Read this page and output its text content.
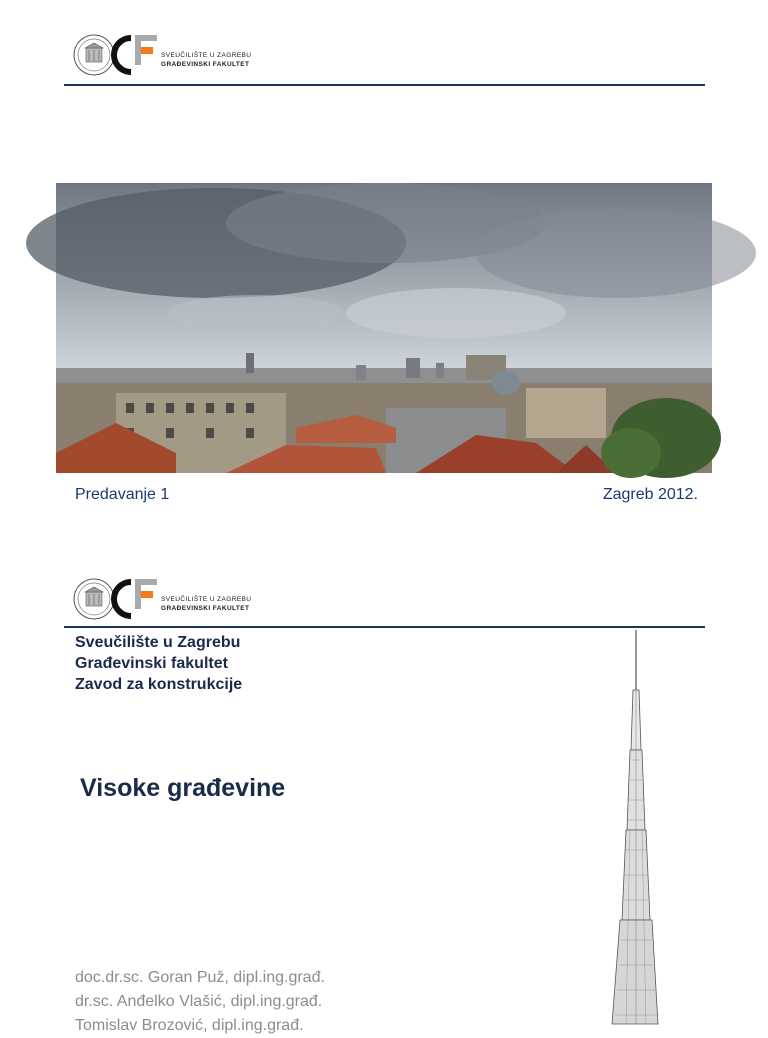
SVEUČILIŠTE U ZAGREBU
GRAĐEVINSKI FAKULTET
Predavanje 1	Zagreb 2012.
SVEUČILIŠTE U ZAGREBU
GRAĐEVINSKI FAKULTET
Sveučilište u Zagrebu
Građevinski fakultet
Zavod za konstrukcije
Visoke građevine
doc.dr.sc. Goran Puž, dipl.ing.građ.
dr.sc. Anđelko Vlašić, dipl.ing.građ.
Tomislav Brozović, dipl.ing.građ.
